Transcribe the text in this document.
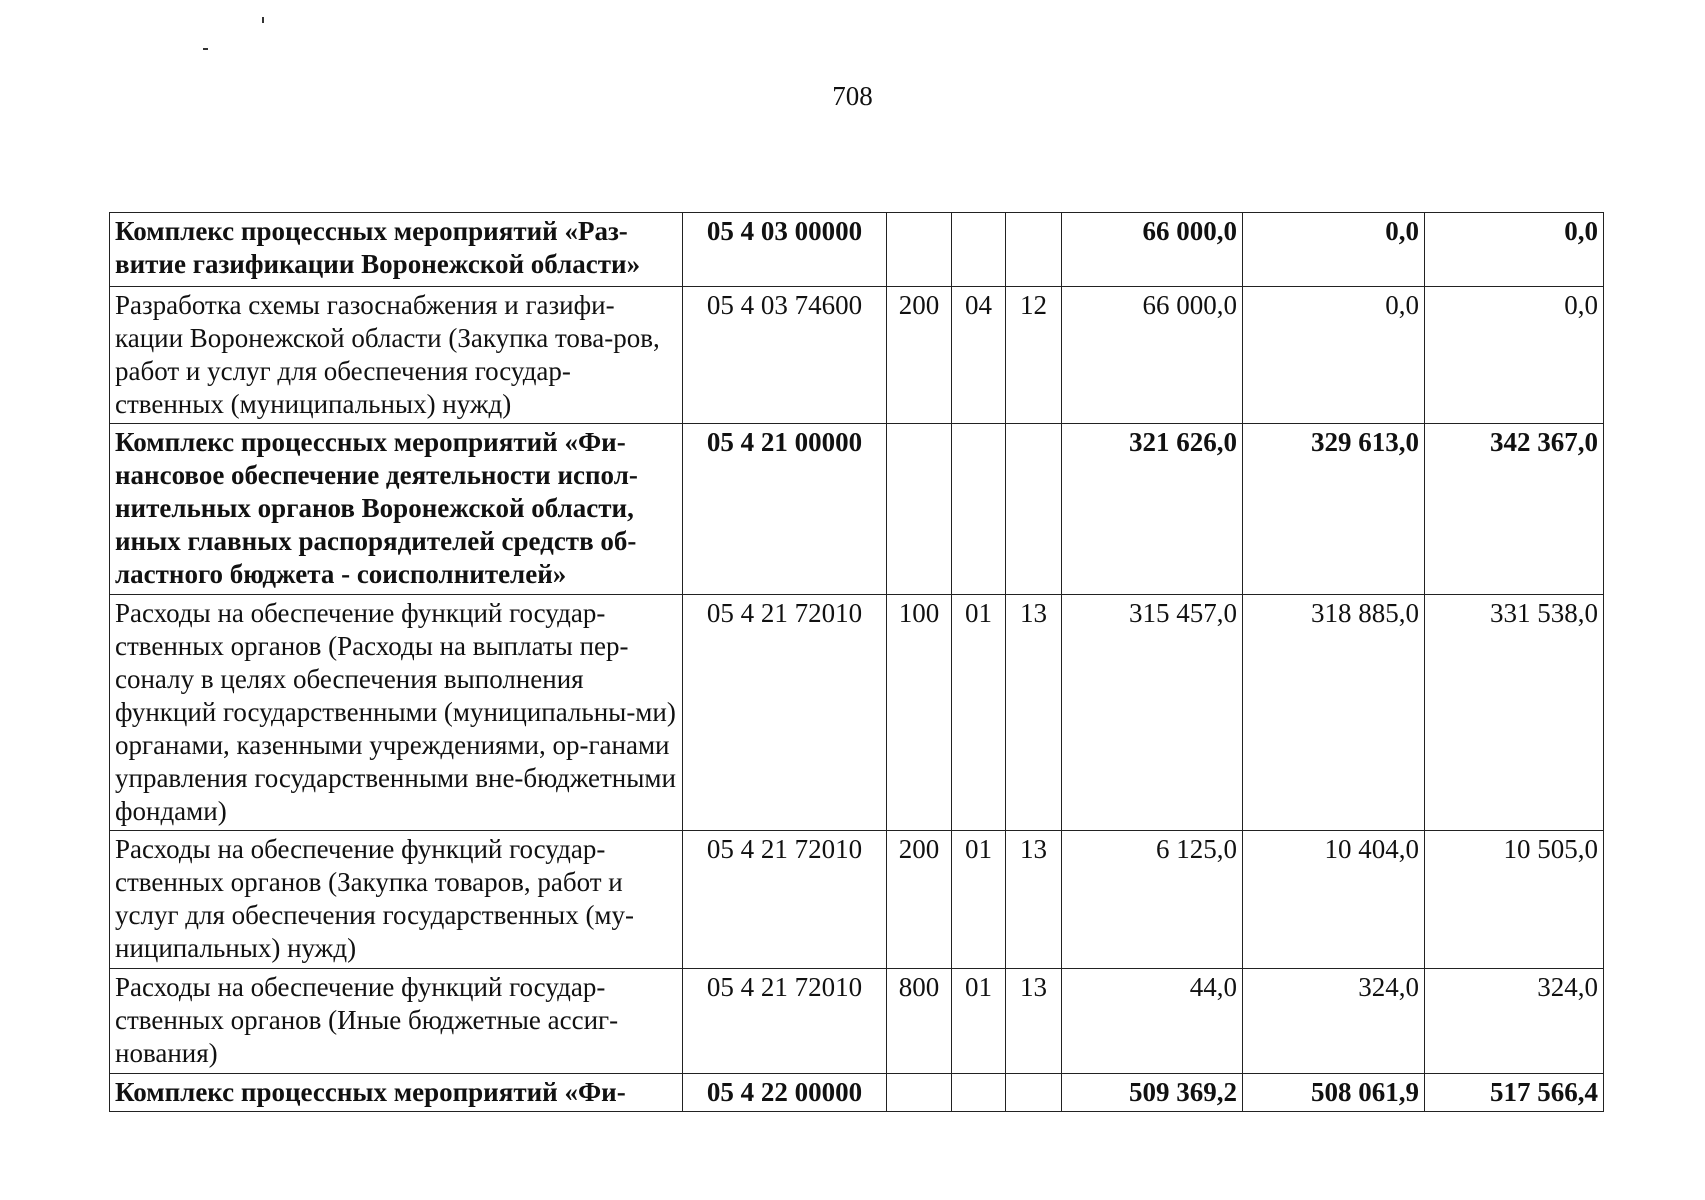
708
Комплекс процессных мероприятий «Раз-витие газификации Воронежской области»	05 4 03 00000				66 000,0	0,0	0,0
Разработка схемы газоснабжения и газифи-кации Воронежской области (Закупка това-ров, работ и услуг для обеспечения государ-ственных (муниципальных) нужд)	05 4 03 74600	200	04	12	66 000,0	0,0	0,0
Комплекс процессных мероприятий «Фи-нансовое обеспечение деятельности испол-нительных органов Воронежской области, иных главных распорядителей средств об-ластного бюджета - соисполнителей»	05 4 21 00000				321 626,0	329 613,0	342 367,0
Расходы на обеспечение функций государ-ственных органов (Расходы на выплаты пер-соналу в целях обеспечения выполнения функций государственными (муниципальны-ми) органами, казенными учреждениями, ор-ганами управления государственными вне-бюджетными фондами)	05 4 21 72010	100	01	13	315 457,0	318 885,0	331 538,0
Расходы на обеспечение функций государ-ственных органов (Закупка товаров, работ и услуг для обеспечения государственных (му-ниципальных) нужд)	05 4 21 72010	200	01	13	6 125,0	10 404,0	10 505,0
Расходы на обеспечение функций государ-ственных органов (Иные бюджетные ассиг-нования)	05 4 21 72010	800	01	13	44,0	324,0	324,0
Комплекс процессных мероприятий «Фи-	05 4 22 00000				509 369,2	508 061,9	517 566,4
